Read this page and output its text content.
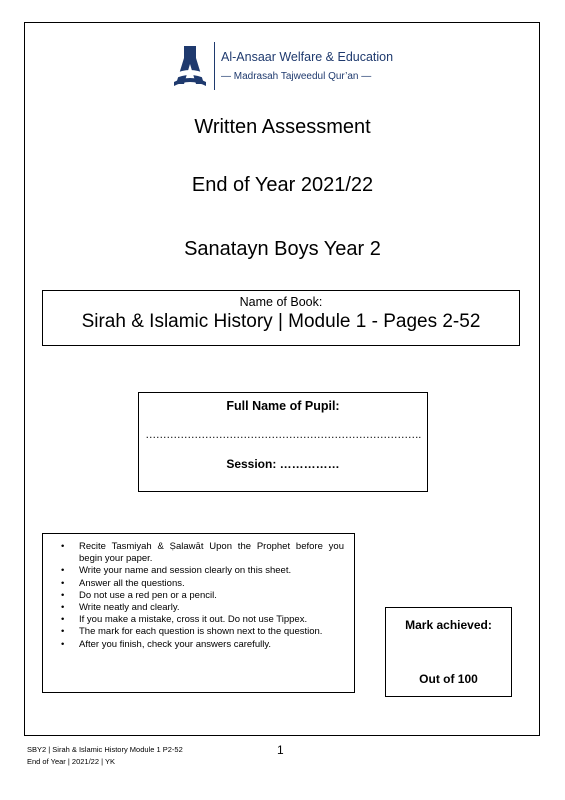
Al-Ansaar Welfare & Education
— Madrasah Tajweedul Qur’an —
Written Assessment
End of Year 2021/22
Sanatayn Boys Year 2
Name of Book:
Sirah & Islamic History | Module 1 - Pages 2-52
Full Name of Pupil:
…………………………………………………………………….
Session: ……………
• Recite Tasmiyah & Ṣalawāt Upon the Prophet before you begin your paper.
• Write your name and session clearly on this sheet.
• Answer all the questions.
• Do not use a red pen or a pencil.
• Write neatly and clearly.
• If you make a mistake, cross it out. Do not use Tippex.
• The mark for each question is shown next to the question.
• After you finish, check your answers carefully.
Mark achieved:
Out of 100
SBY2 | Sirah & Islamic History Module 1 P2-52
End of Year | 2021/22 | YK
1
